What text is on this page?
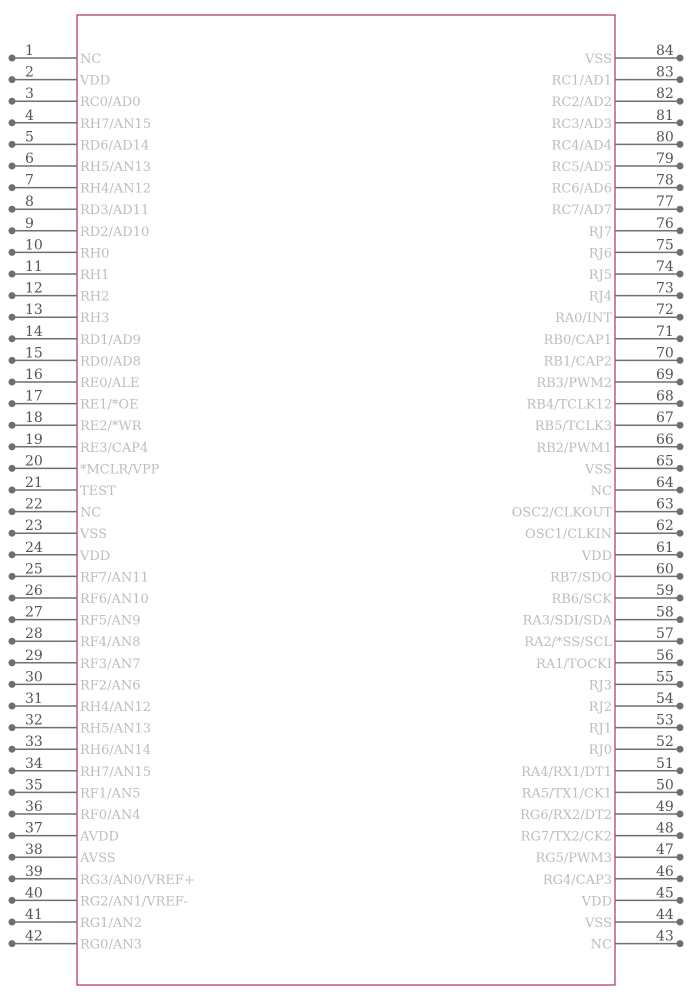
1
NC
2
VDD
3
RC0/AD0
4
RH7/AN15
5
RD6/AD14
6
RH5/AN13
7
RH4/AN12
8
RD3/AD11
9
RD2/AD10
10
RH0
11
RH1
12
RH2
13
RH3
14
RD1/AD9
15
RD0/AD8
16
RE0/ALE
17
RE1/*OE
18
RE2/*WR
19
RE3/CAP4
20
*MCLR/VPP
21
TEST
22
NC
23
VSS
24
VDD
25
RF7/AN11
26
RF6/AN10
27
RF5/AN9
28
RF4/AN8
29
RF3/AN7
30
RF2/AN6
31
RH4/AN12
32
RH5/AN13
33
RH6/AN14
34
RH7/AN15
35
RF1/AN5
36
RF0/AN4
37
AVDD
38
AVSS
39
RG3/AN0/VREF+
40
RG2/AN1/VREF-
41
RG1/AN2
42
RG0/AN3
84
VSS
83
RC1/AD1
82
RC2/AD2
81
RC3/AD3
80
RC4/AD4
79
RC5/AD5
78
RC6/AD6
77
RC7/AD7
76
RJ7
75
RJ6
74
RJ5
73
RJ4
72
RA0/INT
71
RB0/CAP1
70
RB1/CAP2
69
RB3/PWM2
68
RB4/TCLK12
67
RB5/TCLK3
66
RB2/PWM1
65
VSS
64
NC
63
OSC2/CLKOUT
62
OSC1/CLKIN
61
VDD
60
RB7/SDO
59
RB6/SCK
58
RA3/SDI/SDA
57
RA2/*SS/SCL
56
RA1/TOCKI
55
RJ3
54
RJ2
53
RJ1
52
RJ0
51
RA4/RX1/DT1
50
RA5/TX1/CK1
49
RG6/RX2/DT2
48
RG7/TX2/CK2
47
RG5/PWM3
46
RG4/CAP3
45
VDD
44
VSS
43
NC
